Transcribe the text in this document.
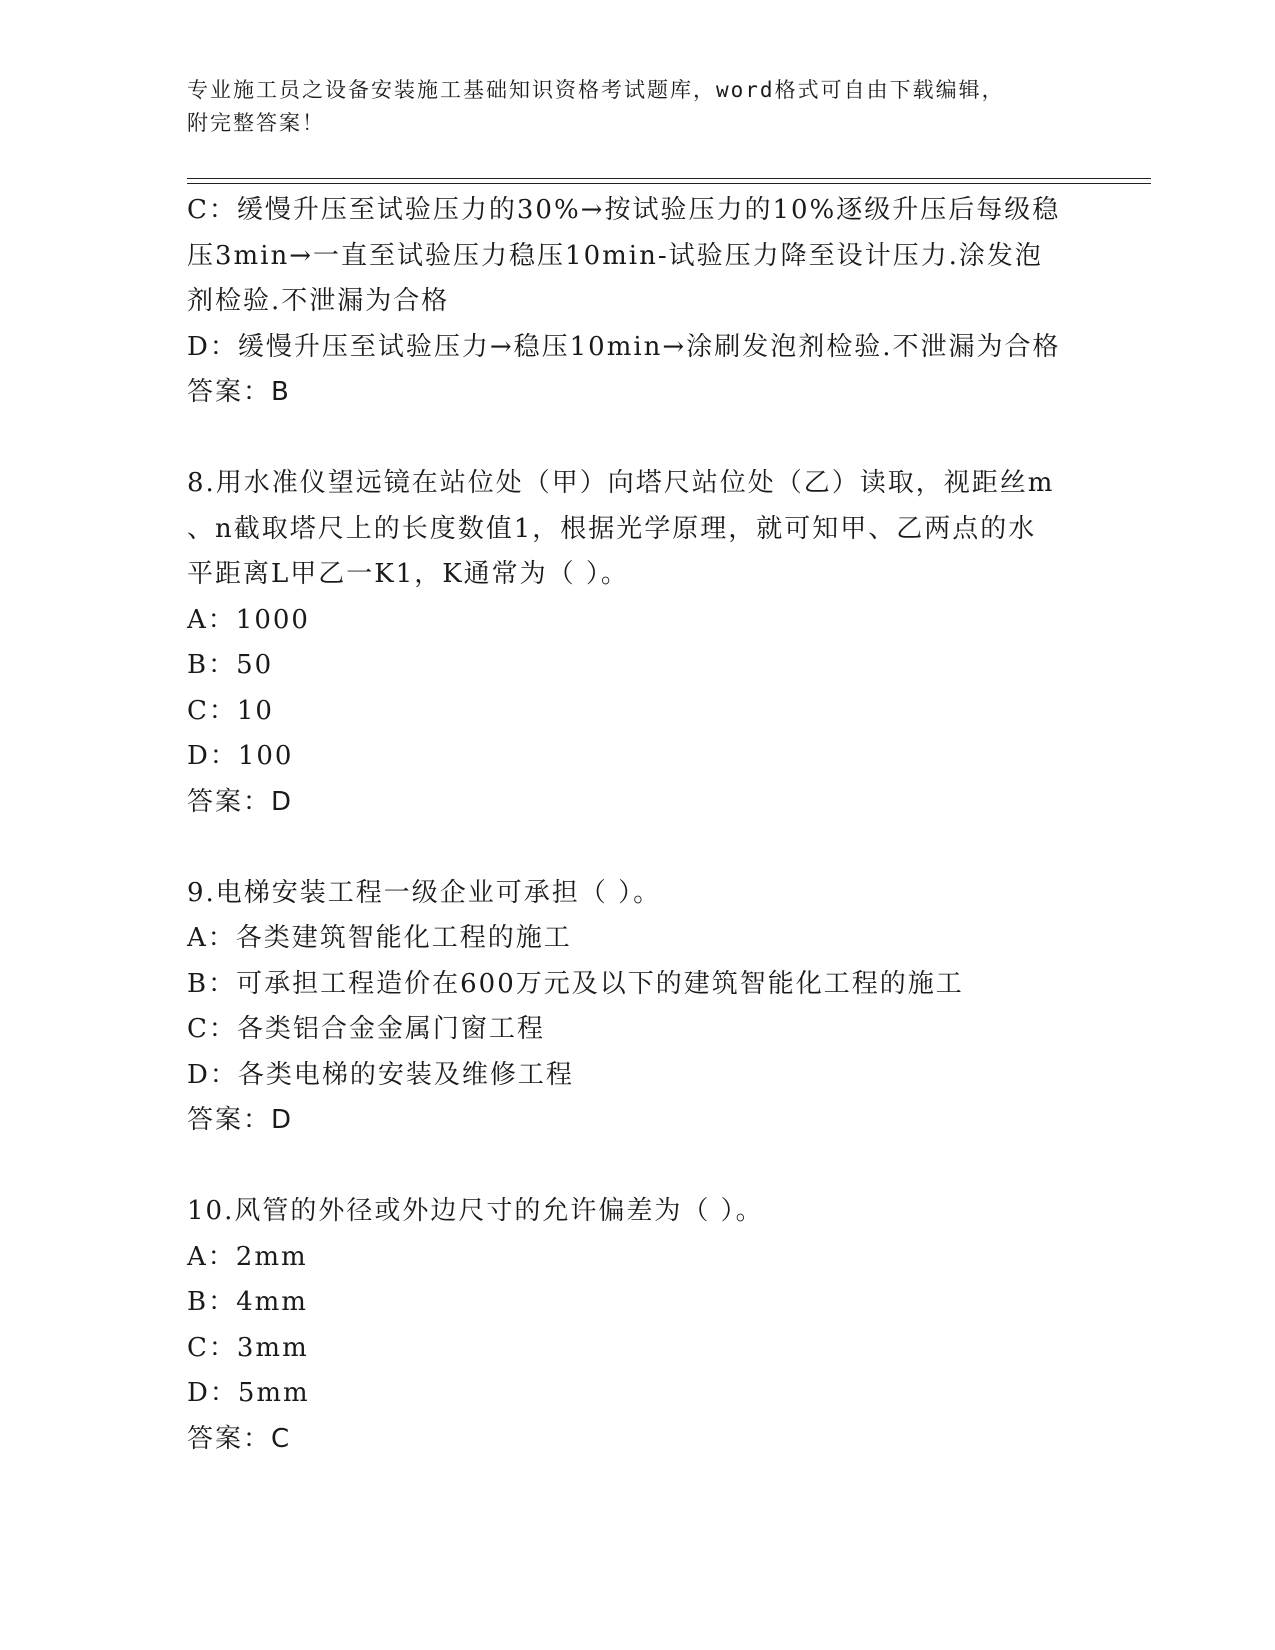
专业施工员之设备安装施工基础知识资格考试题库，word格式可自由下载编辑，
附完整答案！

C：缓慢升压至试验压力的30%→按试验压力的10%逐级升压后每级稳

压3min→一直至试验压力稳压10min-试验压力降至设计压力.涂发泡

剂检验.不泄漏为合格

D：缓慢升压至试验压力→稳压10min→涂刷发泡剂检验.不泄漏为合格

答案：B

8.用水准仪望远镜在站位处（甲）向塔尺站位处（乙）读取，视距丝m

、n截取塔尺上的长度数值1，根据光学原理，就可知甲、乙两点的水

平距离L甲乙一K1，K通常为（ ）。

A：1000

B：50

C：10

D：100

答案：D

9.电梯安装工程一级企业可承担（ ）。

A：各类建筑智能化工程的施工

B：可承担工程造价在600万元及以下的建筑智能化工程的施工

C：各类铝合金金属门窗工程

D：各类电梯的安装及维修工程

答案：D

10.风管的外径或外边尺寸的允许偏差为（ ）。

A：2mm

B：4mm

C：3mm

D：5mm

答案：C
